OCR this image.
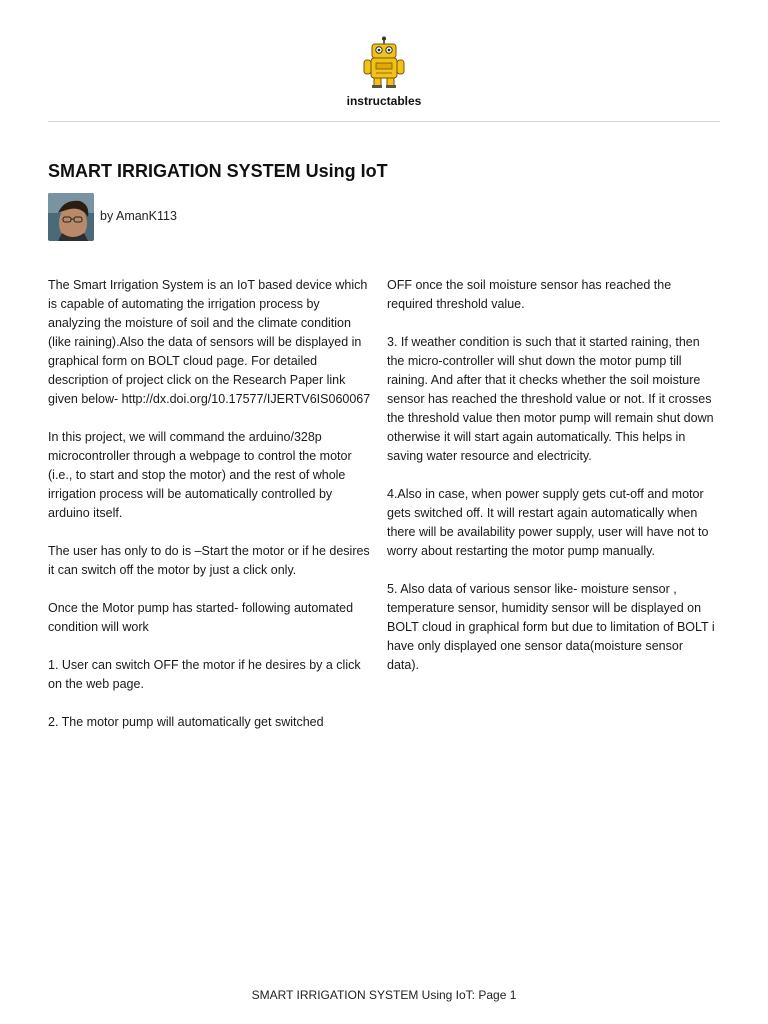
instructables
SMART IRRIGATION SYSTEM Using IoT
by AmanK113

The Smart Irrigation System is an IoT based device which is capable of automating the irrigation process by analyzing the moisture of soil and the climate condition (like raining).Also the data of sensors will be displayed in graphical form on BOLT cloud page. For detailed description of project click on the Research Paper link given below- http://dx.doi.org/10.17577/IJERTV6IS060067

In this project, we will command the arduino/328p microcontroller through a webpage to control the motor (i.e., to start and stop the motor) and the rest of whole irrigation process will be automatically controlled by arduino itself.

The user has only to do is –Start the motor or if he desires it can switch off the motor by just a click only.

Once the Motor pump has started- following automated condition will work

1. User can switch OFF the motor if he desires by a click on the web page.

2. The motor pump will automatically get switched

OFF once the soil moisture sensor has reached the required threshold value.

3. If weather condition is such that it started raining, then the micro-controller will shut down the motor pump till raining. And after that it checks whether the soil moisture sensor has reached the threshold value or not. If it crosses the threshold value then motor pump will remain shut down otherwise it will start again automatically. This helps in saving water resource and electricity.

4.Also in case, when power supply gets cut-off and motor gets switched off. It will restart again automatically when there will be availability power supply, user will have not to worry about restarting the motor pump manually.

5. Also data of various sensor like- moisture sensor , temperature sensor, humidity sensor will be displayed on BOLT cloud in graphical form but due to limitation of BOLT i have only displayed one sensor data(moisture sensor data).

SMART IRRIGATION SYSTEM Using IoT: Page 1
